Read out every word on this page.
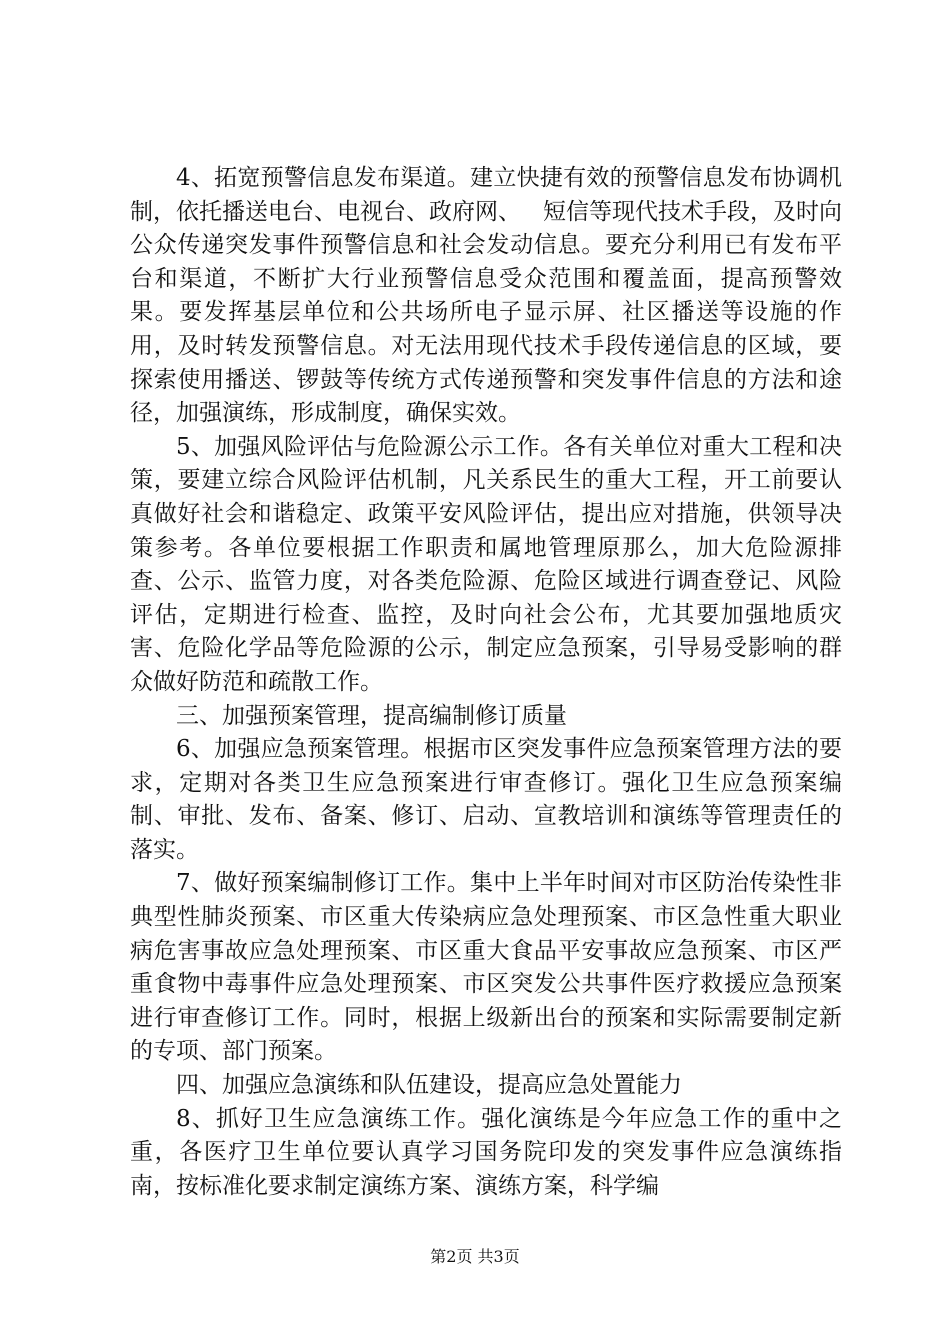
4、拓宽预警信息发布渠道。建立快捷有效的预警信息发布协调机制，依托播送电台、电视台、政府网、   短信等现代技术手段，及时向公众传递突发事件预警信息和社会发动信息。要充分利用已有发布平台和渠道，不断扩大行业预警信息受众范围和覆盖面，提高预警效果。要发挥基层单位和公共场所电子显示屏、社区播送等设施的作用，及时转发预警信息。对无法用现代技术手段传递信息的区域，要探索使用播送、锣鼓等传统方式传递预警和突发事件信息的方法和途径，加强演练，形成制度，确保实效。

5、加强风险评估与危险源公示工作。各有关单位对重大工程和决策，要建立综合风险评估机制，凡关系民生的重大工程，开工前要认真做好社会和谐稳定、政策平安风险评估，提出应对措施，供领导决策参考。各单位要根据工作职责和属地管理原那么，加大危险源排查、公示、监管力度，对各类危险源、危险区域进行调查登记、风险评估，定期进行检查、监控，及时向社会公布，尤其要加强地质灾害、危险化学品等危险源的公示，制定应急预案，引导易受影响的群众做好防范和疏散工作。

三、加强预案管理，提高编制修订质量

6、加强应急预案管理。根据市区突发事件应急预案管理方法的要求，定期对各类卫生应急预案进行审查修订。强化卫生应急预案编制、审批、发布、备案、修订、启动、宣教培训和演练等管理责任的落实。

7、做好预案编制修订工作。集中上半年时间对市区防治传染性非典型性肺炎预案、市区重大传染病应急处理预案、市区急性重大职业病危害事故应急处理预案、市区重大食品平安事故应急预案、市区严重食物中毒事件应急处理预案、市区突发公共事件医疗救援应急预案进行审查修订工作。同时，根据上级新出台的预案和实际需要制定新的专项、部门预案。

四、加强应急演练和队伍建设，提高应急处置能力

8、抓好卫生应急演练工作。强化演练是今年应急工作的重中之重，各医疗卫生单位要认真学习国务院印发的突发事件应急演练指南，按标准化要求制定演练方案、演练方案，科学编

第2页 共3页
